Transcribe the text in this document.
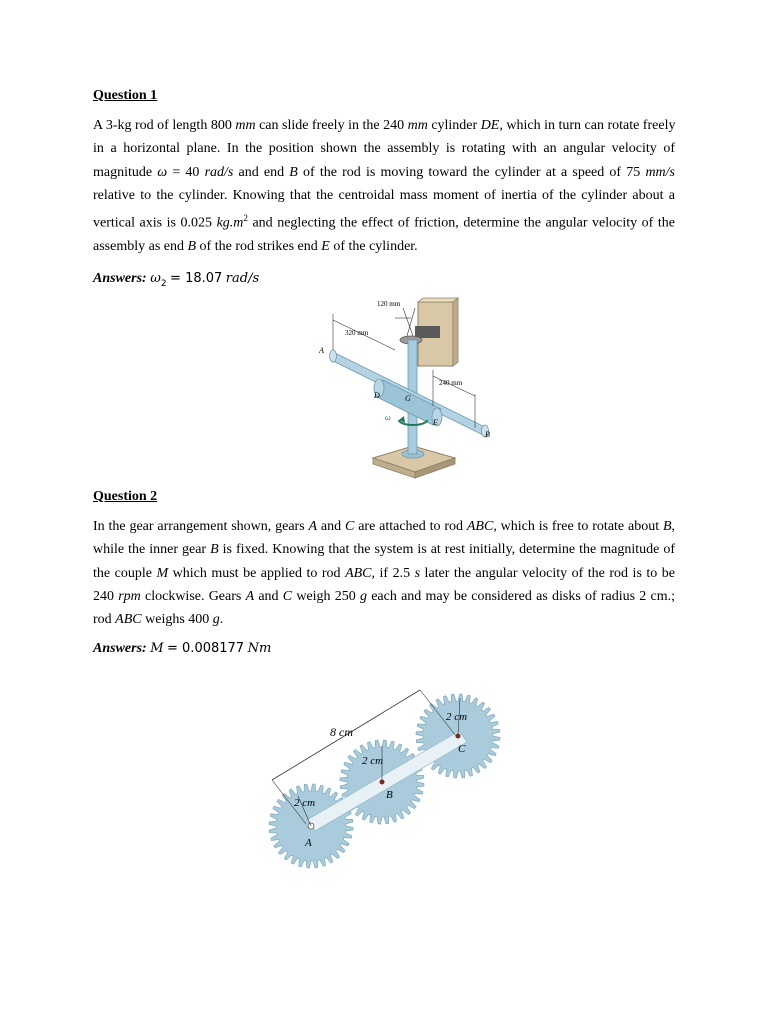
Question 1
A 3-kg rod of length 800 mm can slide freely in the 240 mm cylinder DE, which in turn can rotate freely
in a horizontal plane. In the position shown the assembly is rotating with an angular velocity of
magnitude ω = 40 rad/s and end B of the rod is moving toward the cylinder at a speed of 75 mm/s
relative to the cylinder. Knowing that the centroidal mass moment of inertia of the cylinder about a
vertical axis is 0.025 $kg.m^2$ and neglecting the effect of friction, determine the angular velocity of the
assembly as end B of the rod strikes end E of the cylinder.
Answers: $\omega_2 = 18.07$ rad/s
120 mm
320 mm
240 mm
A
B
D
E
G
ω
Question 2
In the gear arrangement shown, gears A and C are attached to rod ABC, which is free to rotate about B,
while the inner gear B is fixed. Knowing that the system is at rest initially, determine the magnitude of
the couple M which must be applied to rod ABC, if 2.5 s later the angular velocity of the rod is to be
240 rpm clockwise. Gears A and C weigh 250 g each and may be considered as disks of radius 2 cm.;
rod ABC weighs 400 g.
Answers: M = 0.008177 Nm
8 cm
2 cm
2 cm
2 cm
A
B
C
